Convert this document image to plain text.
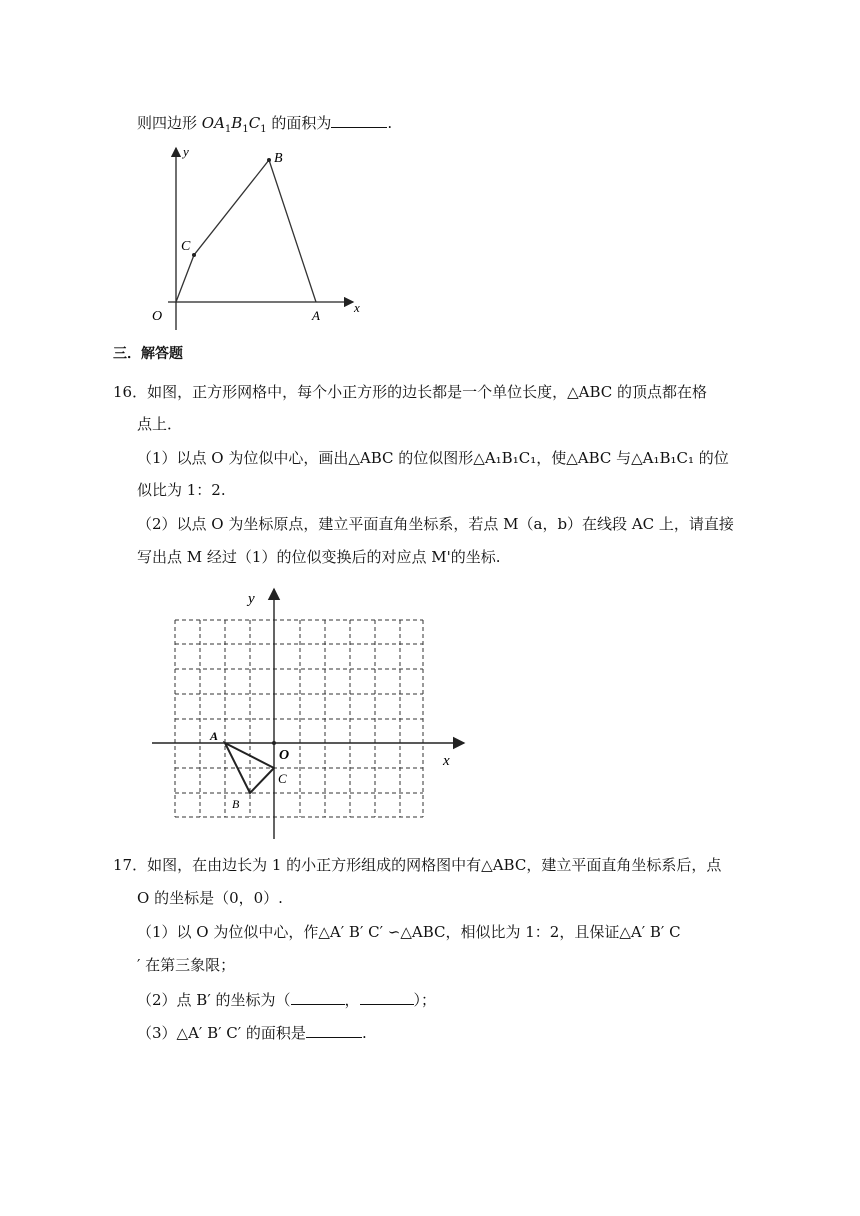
则四边形 $OA_1B_1C_1$ 的面积为	.
y
x
O	A
B
C
三．解答题
16．如图，正方形网格中，每个小正方形的边长都是一个单位长度，△ABC 的顶点都在格
点上．
（1）以点 O 为位似中心，画出△ABC 的位似图形△A₁B₁C₁，使△ABC 与△A₁B₁C₁ 的位
似比为 1：2.
（2）以点 O 为坐标原点，建立平面直角坐标系，若点 M（a，b）在线段 AC 上，请直接
写出点 M 经过（1）的位似变换后的对应点 M'的坐标.
y
x
O
A
B
C
17．如图，在由边长为 1 的小正方形组成的网格图中有△ABC，建立平面直角坐标系后，点
O 的坐标是（0，0）.
（1）以 O 为位似中心，作△A′ B′ C′ ∽△ABC，相似比为 1：2，且保证△A′ B′ C
′ 在第三象限；
（2）点 B′ 的坐标为（	，	）；
（3）△A′ B′ C′ 的面积是	.
